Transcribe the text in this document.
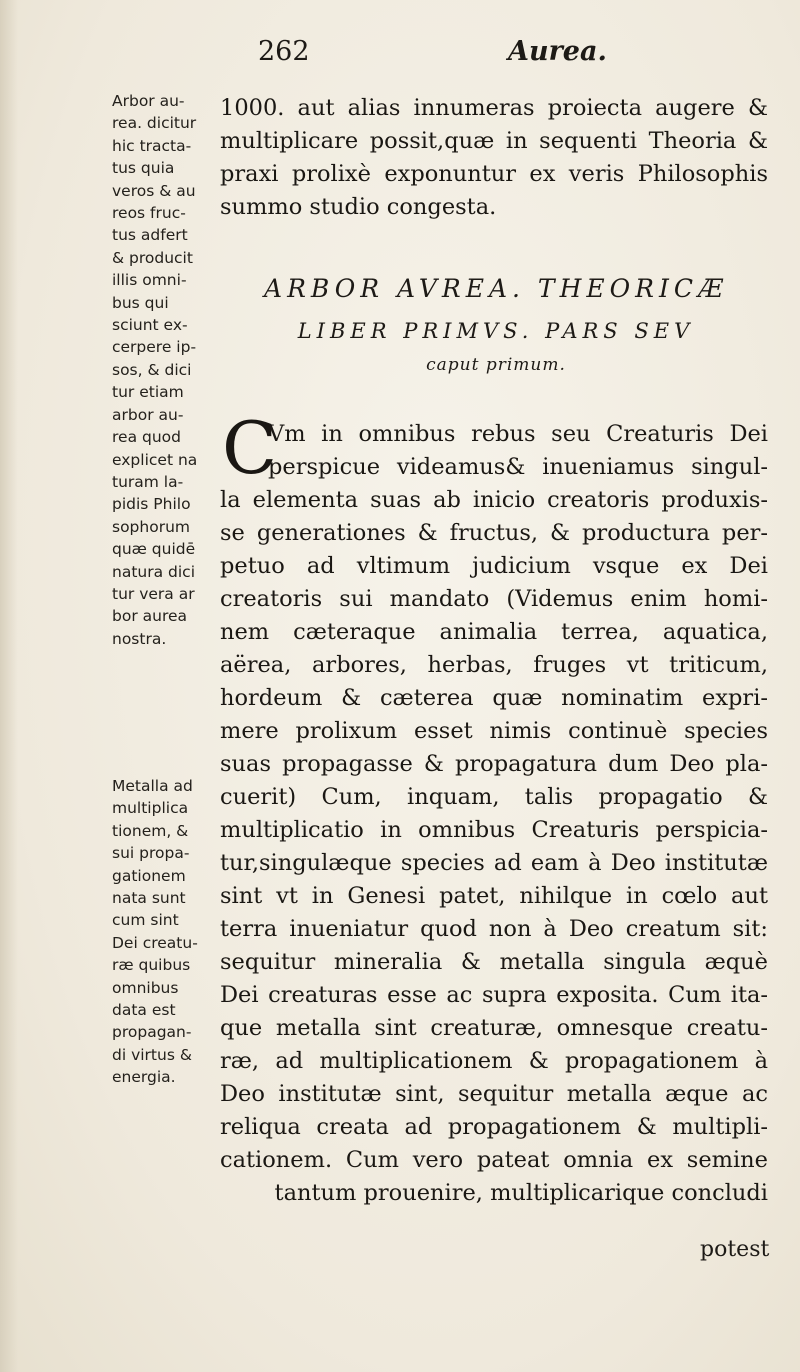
262	Aurea.
Arbor au-
rea. dicitur
hic tracta-
tus quia
veros & au
reos fruc-
tus adfert
& producit
illis omni-
bus qui
sciunt ex-
cerpere ip-
sos, & dici
tur etiam
arbor au-
rea quod
explicet na
turam la-
pidis Philo
sophorum
quæ quidē
natura dici
tur vera ar
bor aurea
nostra.
Metalla ad
multiplica
tionem, &
sui propa-
gationem
nata sunt
cum sint
Dei creatu-
ræ quibus
omnibus
data est
propagan-
di virtus &
energia.
1000. aut alias innumeras proiecta augere &
multiplicare possit,quæ in sequenti Theoria &
praxi prolixè exponuntur ex veris Philosophis
summo studio congesta.
ARBOR AVREA. THEORICÆ
LIBER PRIMVS. PARS SEV
caput primum.
C
Vm in omnibus rebus seu Creaturis Dei
perspicue videamus& inueniamus singul-
la elementa suas ab inicio creatoris produxis-
se generationes & fructus, & productura per-
petuo ad vltimum judicium vsque ex Dei
creatoris sui mandato (Videmus enim homi-
nem cæteraque animalia terrea, aquatica,
aërea, arbores, herbas, fruges vt triticum,
hordeum & cæterea quæ nominatim expri-
mere prolixum esset nimis continuè species
suas propagasse & propagatura dum Deo pla-
cuerit) Cum, inquam, talis propagatio &
multiplicatio in omnibus Creaturis perspicia-
tur,singulæque species ad eam à Deo institutæ
sint vt in Genesi patet, nihilque in cœlo aut
terra inueniatur quod non à Deo creatum sit:
sequitur mineralia & metalla singula æquè
Dei creaturas esse ac supra exposita. Cum ita-
que metalla sint creaturæ, omnesque creatu-
ræ, ad multiplicationem & propagationem à
Deo institutæ sint, sequitur metalla æque ac
reliqua creata ad propagationem & multipli-
cationem. Cum vero pateat omnia ex semine
tantum prouenire, multiplicarique concludi
potest
